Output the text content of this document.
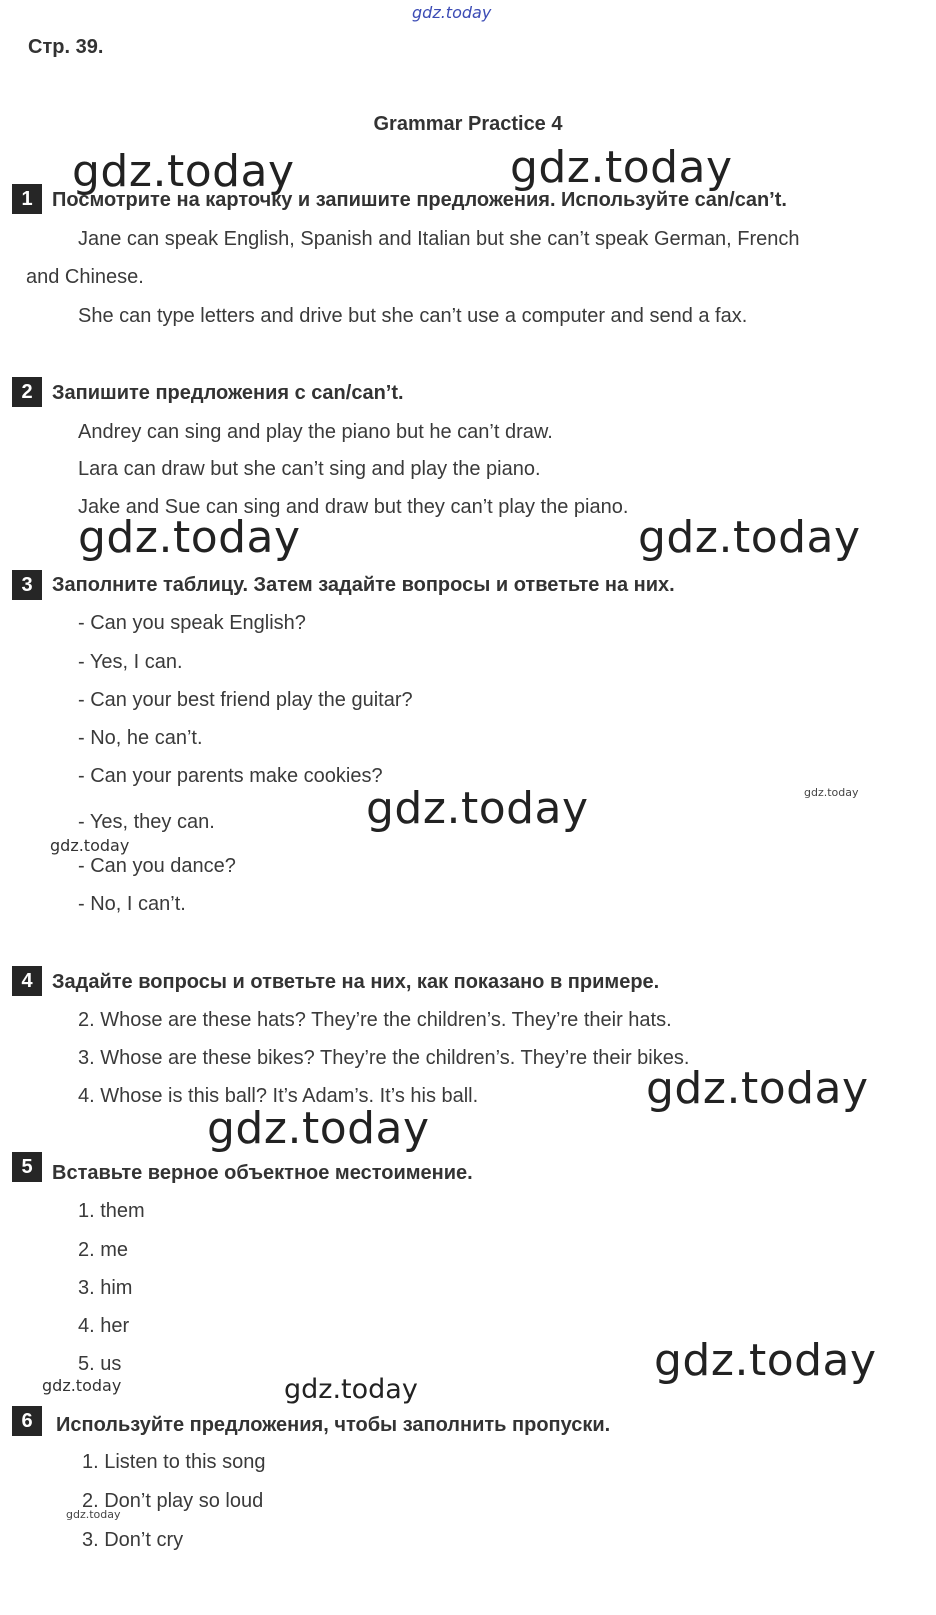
gdz.today
Стр. 39.
Grammar Practice 4
1 Посмотрите на карточку и запишите предложения. Используйте can/can’t.
Jane can speak English, Spanish and Italian but she can’t speak German, French
and Chinese.
She can type letters and drive but she can’t use a computer and send a fax.
2 Запишите предложения с can/can’t.
Andrey can sing and play the piano but he can’t draw.
Lara can draw but she can’t sing and play the piano.
Jake and Sue can sing and draw but they can’t play the piano.
3 Заполните таблицу. Затем задайте вопросы и ответьте на них.
- Can you speak English?
- Yes, I can.
- Can your best friend play the guitar?
- No, he can’t.
- Can your parents make cookies?
- Yes, they can.
- Can you dance?
- No, I can’t.
4 Задайте вопросы и ответьте на них, как показано в примере.
2. Whose are these hats? They’re the children’s. They’re their hats.
3. Whose are these bikes? They’re the children’s. They’re their bikes.
4. Whose is this ball? It’s Adam’s. It’s his ball.
5 Вставьте верное объектное местоимение.
1. them
2. me
3. him
4. her
5. us
6	Используйте предложения, чтобы заполнить пропуски.
1. Listen to this song
2. Don’t play so loud
3. Don’t cry
gdz.today	gdz.today
gdz.today	gdz.today
gdz.today	gdz.today
gdz.today
gdz.today
gdz.today
gdz.today
gdz.today	gdz.today
gdz.today
